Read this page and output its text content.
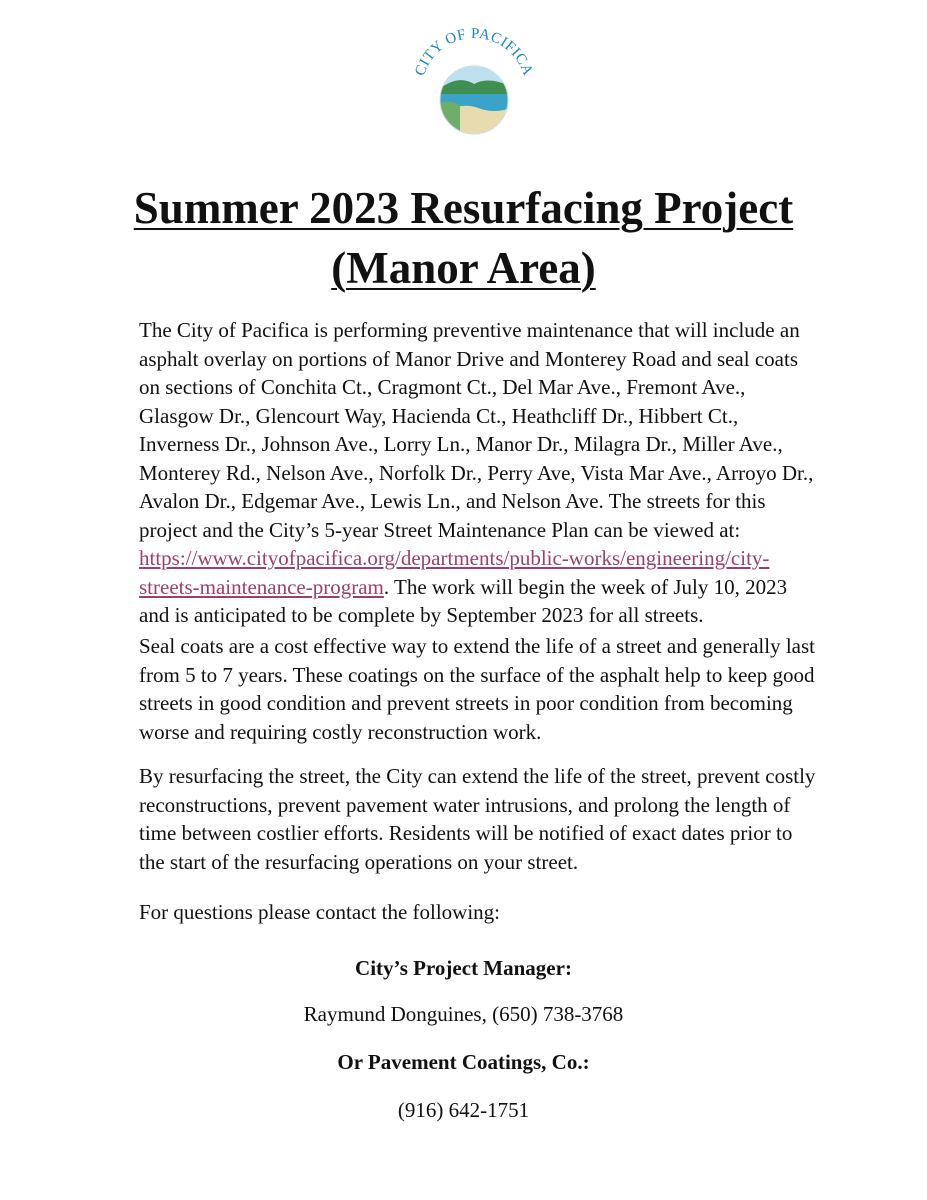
CITY OF PACIFICA
Summer 2023 Resurfacing Project
(Manor Area)

The City of Pacifica is performing preventive maintenance that will include an asphalt overlay on portions of Manor Drive and Monterey Road and seal coats on sections of Conchita Ct., Cragmont Ct., Del Mar Ave., Fremont Ave., Glasgow Dr., Glencourt Way, Hacienda Ct., Heathcliff Dr., Hibbert Ct., Inverness Dr., Johnson Ave., Lorry Ln., Manor Dr., Milagra Dr., Miller Ave., Monterey Rd., Nelson Ave., Norfolk Dr., Perry Ave, Vista Mar Ave., Arroyo Dr., Avalon Dr., Edgemar Ave., Lewis Ln., and Nelson Ave. The streets for this project and the City’s 5-year Street Maintenance Plan can be viewed at: https://www.cityofpacifica.org/departments/public-works/engineering/city-streets-maintenance-program. The work will begin the week of July 10, 2023 and is anticipated to be complete by September 2023 for all streets.

Seal coats are a cost effective way to extend the life of a street and generally last from 5 to 7 years. These coatings on the surface of the asphalt help to keep good streets in good condition and prevent streets in poor condition from becoming worse and requiring costly reconstruction work.

By resurfacing the street, the City can extend the life of the street, prevent costly reconstructions, prevent pavement water intrusions, and prolong the length of time between costlier efforts. Residents will be notified of exact dates prior to the start of the resurfacing operations on your street.

For questions please contact the following:

City’s Project Manager:

Raymund Donguines, (650) 738-3768

Or Pavement Coatings, Co.:

(916) 642-1751
